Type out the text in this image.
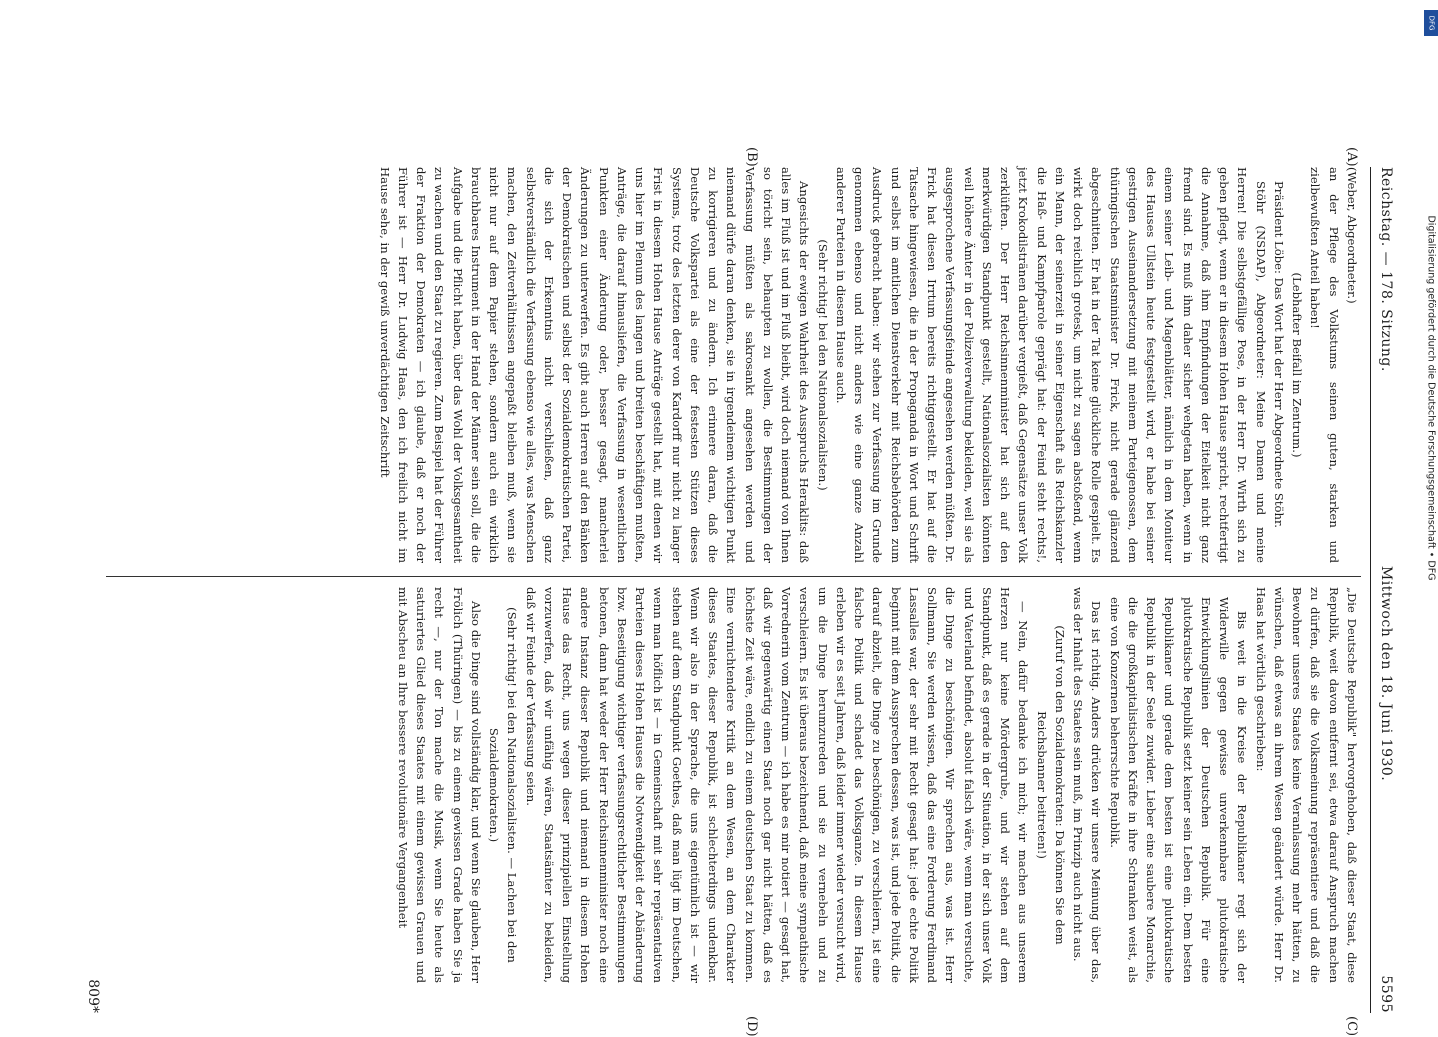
Reichstag. — 178. Sitzung.
Mittwoch den 18. Juni 1930.
5595
(A)
(B)
(C)
(D)

(Weber, Abgeordneter.)

an der Pflege des Volkstums seinen guten, starken und zielbewußten Anteil haben!

(Lebhafter Beifall im Zentrum.)

Präsident Löbe: Das Wort hat der Herr Abgeordnete Stöhr.

Stöhr (NSDAP), Abgeordneter: Meine Damen und meine Herren! Die selbstgefällige Pose, in der Herr Dr. Wirth sich zu geben pflegt, wenn er in diesem Hohen Hause spricht, rechtfertigt die Annahme, daß ihm Empfindungen der Eitelkeit nicht ganz fremd sind. Es muß ihm daher sicher wehgetan haben, wenn in einem seiner Leib- und Magenblätter, nämlich in dem Moniteur des Hauses Ullstein heute festgestellt wird, er habe bei seiner gestrigen Auseinandersetzung mit meinem Parteigenossen, dem thüringischen Staatsminister Dr. Frick, nicht gerade glänzend abgeschnitten. Er hat in der Tat keine glückliche Rolle gespielt. Es wirkt doch reichlich grotesk, um nicht zu sagen abstoßend, wenn ein Mann, der seinerzeit in seiner Eigenschaft als Reichskanzler die Haß- und Kampfparole geprägt hat: der Feind steht rechts!, jetzt Krokodilstränen darüber vergießt, daß Gegensätze unser Volk zerklüften. Der Herr Reichsinnenminister hat sich auf den merkwürdigen Standpunkt gestellt, Nationalsozialisten könnten weil höhere Ämter in der Polizeiverwaltung bekleiden, weil sie als ausgesprochene Verfassungsfeinde angesehen werden müßten. Dr. Frick hat diesen Irrtum bereits richtiggestellt. Er hat auf die Tatsache hingewiesen, die in der Propaganda in Wort und Schrift und selbst im amtlichen Dienstverkehr mit Reichsbehörden zum Ausdruck gebracht haben: wir stehen zur Verfassung im Grunde genommen ebenso und nicht anders wie eine ganze Anzahl anderer Parteien in diesem Hause auch.

(Sehr richtig! bei den Nationalsozialisten.)

Angesichts der ewigen Wahrheit des Ausspruchs Heraklits: daß alles im Fluß ist und im Fluß bleibt, wird doch niemand von Ihnen so töricht sein, behaupten zu wollen, die Bestimmungen der Verfassung müßten als sakrosankt angesehen werden und niemand dürfe daran denken, sie in irgendeinem wichtigen Punkt zu korrigieren und zu ändern. Ich erinnere daran, daß die Deutsche Volkspartei als eine der festesten Stützen dieses Systems, trotz des letzten derer von Kardorff nur nicht zu langer Frist in diesem Hohen Hause Anträge gestellt hat, mit denen wir uns hier im Plenum des langen und breiten beschäftigen mußten, Anträge, die darauf hinausliefen, die Verfassung in wesentlichen Punkten einer Änderung oder, besser gesagt, mancherlei Änderungen zu unterwerfen. Es gibt auch Herren auf den Bänken der Demokratischen und selbst der Sozialdemokratischen Partei, die sich der Erkenntnis nicht verschließen, daß ganz selbstverständlich die Verfassung ebenso wie alles, was Menschen machen, den Zeitverhältnissen angepaßt bleiben muß, wenn sie nicht nur auf dem Papier stehen, sondern auch ein wirklich brauchbares Instrument in der Hand der Männer sein soll, die die Aufgabe und die Pflicht haben, über das Wohl der Volksgesamtheit zu wachen und den Staat zu regieren. Zum Beispiel hat der Führer der Fraktion der Demokraten — ich glaube, daß er noch der Führer ist — Herr Dr. Ludwig Haas, den ich freilich nicht im Hause sehe, in der gewiß unverdächtigen Zeitschrift

„Die Deutsche Republik" hervorgehoben, daß dieser Staat, diese Republik, weit davon entfernt sei, etwa darauf Anspruch machen zu dürfen, daß sie die Volksmeinung repräsentiere und daß die Bewohner unseres Staates keine Veranlassung mehr hätten, zu wünschen, daß etwas an ihrem Wesen geändert würde. Herr Dr. Haas hat wörtlich geschrieben:

Bis weit in die Kreise der Republikaner regt sich der Widerwille gegen gewisse unverkennbare plutokratische Entwicklungslinien der Deutschen Republik. Für eine plutokratische Republik setzt keiner sein Leben ein. Dem besten Republikaner und gerade dem besten ist eine plutokratische Republik in der Seele zuwider. Lieber eine saubere Monarchie, die die großkapitalistischen Kräfte in ihre Schranken weist, als eine von Konzernen beherrschte Republik.

Das ist richtig. Anders drücken wir unsere Meinung über das, was der Inhalt des Staates sein muß, im Prinzip auch nicht aus.

(Zuruf von den Sozialdemokraten: Da können Sie dem Reichsbanner beitreten!)

— Nein, dafür bedanke ich mich; wir machen aus unserem Herzen nur keine Mördergrube, und wir stehen auf dem Standpunkt, daß es gerade in der Situation, in der sich unser Volk und Vaterland befindet, absolut falsch wäre, wenn man versuchte, die Dinge zu beschönigen. Wir sprechen aus, was ist. Herr Sollmann, Sie werden wissen, daß das eine Forderung Ferdinand Lassalles war, der sehr mit Recht gesagt hat: jede echte Politik beginnt mit dem Aussprechen dessen, was ist, und jede Politik, die darauf abzielt, die Dinge zu beschönigen, zu verschleiern, ist eine falsche Politik und schadet das Volksganze. In diesem Hause erleben wir es seit Jahren, daß leider immer wieder versucht wird, um die Dinge herumzureden und sie zu vernebeln und zu verschleiern. Es ist überaus bezeichnend, daß meine sympathische Vorrednerin vom Zentrum — ich habe es mir notiert — gesagt hat, daß wir gegenwärtig einen Staat noch gar nicht hätten, daß es höchste Zeit wäre, endlich zu einem deutschen Staat zu kommen. Eine vernichtendere Kritik an dem Wesen, an dem Charakter dieses Staates, dieser Republik, ist schlechterdings undenkbar. Wenn wir also in der Sprache, die uns eigentümlich ist — wir stehen auf dem Standpunkt Goethes, daß man lügt im Deutschen, wenn man höflich ist — in Gemeinschaft mit sehr repräsentativen Parteien dieses Hohen Hauses die Notwendigkeit der Abänderung bzw. Beseitigung wichtiger verfassungsrechtlicher Bestimmungen betonen, dann hat weder der Herr Reichsinnenminister noch eine andere Instanz dieser Republik und niemand in diesem Hohen Hause das Recht, uns wegen dieser prinzipiellen Einstellung vorzuwerfen, daß wir unfähig wären, Staatsämter zu bekleiden, daß wir Feinde der Verfassung seien.

(Sehr richtig! bei den Nationalsozialisten. — Lachen bei den Sozialdemokraten.)

Also die Dinge sind vollständig klar, und wenn Sie glauben, Herr Frölich (Thüringen) — bis zu einem gewissen Grade haben Sie ja recht —, nur der Ton mache die Musik, wenn Sie heute als saturiertes Glied dieses Staates mit einem gewissen Grauen und mit Abscheu an Ihre bessere revolutionäre Vergangenheit

809*
DFG
Digitalisierung gefördert durch die Deutsche Forschungsgemeinschaft • DFG
